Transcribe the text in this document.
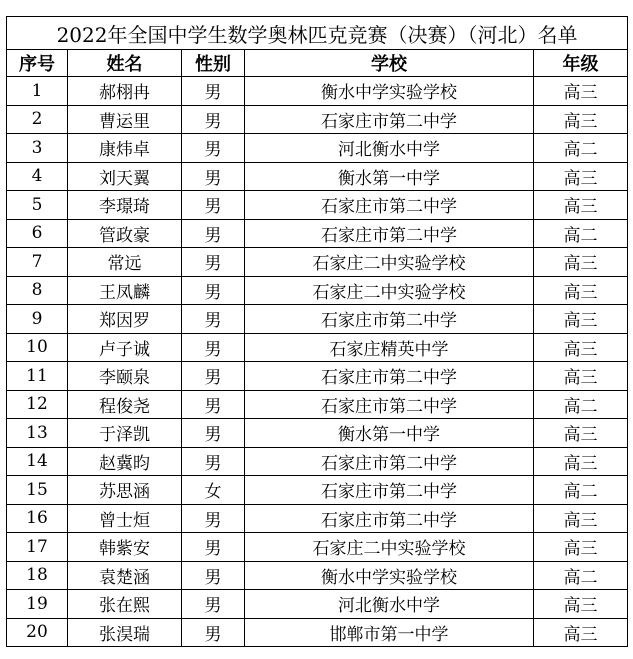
2022年全国中学生数学奥林匹克竞赛（决赛）（河北）名单				
序号	姓名	性别	学校	年级
1	郝栩冉	男	衡水中学实验学校	高三
2	曹运里	男	石家庄市第二中学	高三
3	康炜卓	男	河北衡水中学	高二
4	刘天翼	男	衡水第一中学	高三
5	李璟琦	男	石家庄市第二中学	高三
6	管政豪	男	石家庄市第二中学	高二
7	常远	男	石家庄二中实验学校	高三
8	王凤麟	男	石家庄二中实验学校	高三
9	郑因罗	男	石家庄市第二中学	高三
10	卢子诚	男	石家庄精英中学	高三
11	李颐泉	男	石家庄市第二中学	高三
12	程俊尧	男	石家庄市第二中学	高二
13	于泽凯	男	衡水第一中学	高三
14	赵冀昀	男	石家庄市第二中学	高三
15	苏思涵	女	石家庄市第二中学	高二
16	曾士烜	男	石家庄市第二中学	高三
17	韩紫安	男	石家庄二中实验学校	高三
18	袁楚涵	男	衡水中学实验学校	高二
19	张在熙	男	河北衡水中学	高三
20	张淏瑞	男	邯郸市第一中学	高三
